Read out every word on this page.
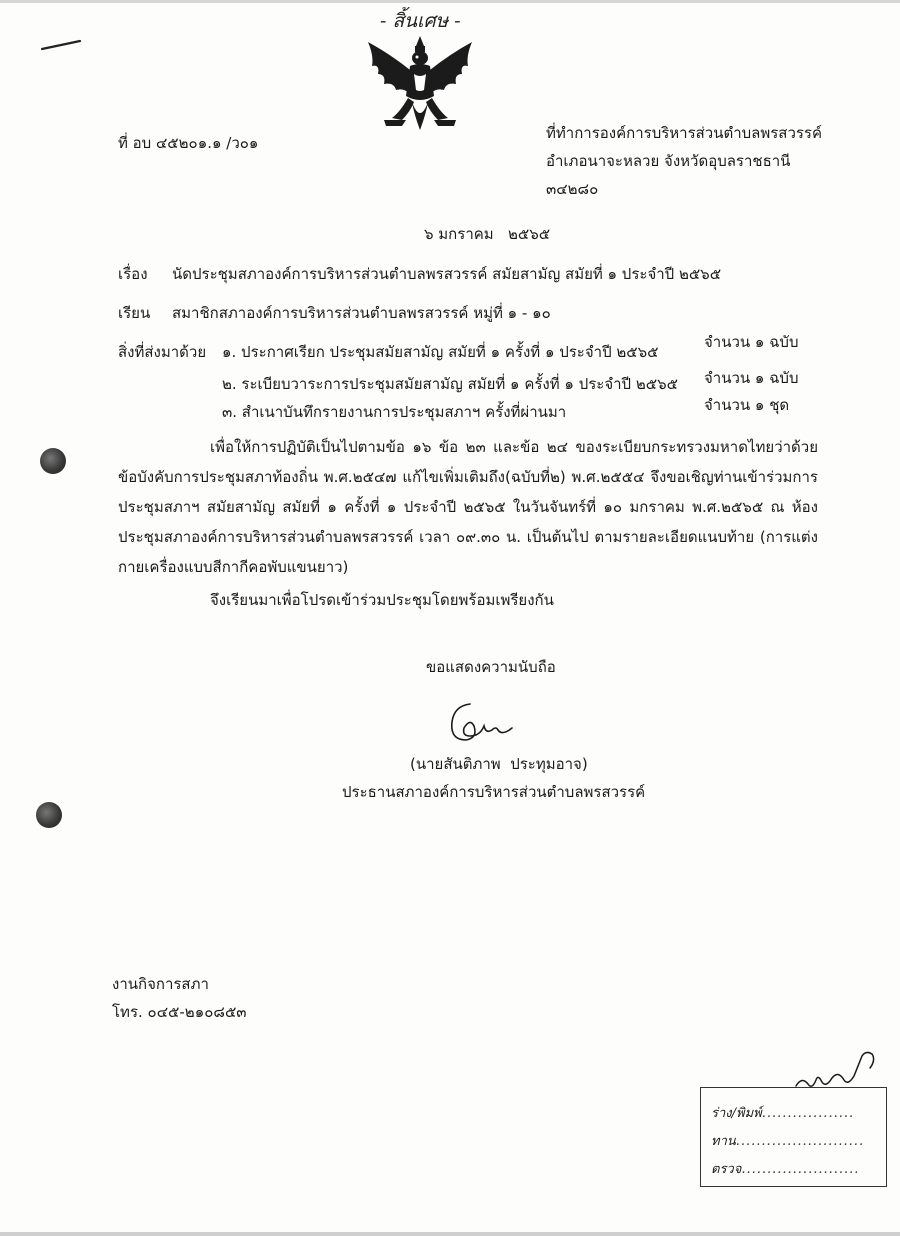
- สิ้นเศษ -
ที่ อบ ๔๕๒๐๑.๑ /ว๐๑
ที่ทำการองค์การบริหารส่วนตำบลพรสวรรค์
อำเภอนาจะหลวย จังหวัดอุบลราชธานี
๓๔๒๘๐
๖ มกราคม   ๒๕๖๕
เรื่อง นัดประชุมสภาองค์การบริหารส่วนตำบลพรสวรรค์ สมัยสามัญ สมัยที่ ๑ ประจำปี ๒๕๖๕
เรียน สมาชิกสภาองค์การบริหารส่วนตำบลพรสวรรค์ หมู่ที่ ๑ - ๑๐
สิ่งที่ส่งมาด้วย ๑. ประกาศเรียก ประชุมสมัยสามัญ สมัยที่ ๑ ครั้งที่ ๑ ประจำปี ๒๕๖๕
จำนวน ๑ ฉบับ
๒. ระเบียบวาระการประชุมสมัยสามัญ สมัยที่ ๑ ครั้งที่ ๑ ประจำปี ๒๕๖๕ จำนวน ๑ ฉบับ
๓. สำเนาบันทึกรายงานการประชุมสภาฯ ครั้งที่ผ่านมา	จำนวน ๑ ชุด
เพื่อให้การปฏิบัติเป็นไปตามข้อ ๑๖ ข้อ ๒๓ และข้อ ๒๔ ของระเบียบกระทรวงมหาดไทยว่าด้วยข้อบังคับการประชุมสภาท้องถิ่น พ.ศ.๒๕๔๗ แก้ไขเพิ่มเติมถึง(ฉบับที่๒) พ.ศ.๒๕๕๔ จึงขอเชิญท่านเข้าร่วมการประชุมสภาฯ สมัยสามัญ สมัยที่ ๑ ครั้งที่ ๑ ประจำปี ๒๕๖๕ ในวันจันทร์ที่ ๑๐ มกราคม พ.ศ.๒๕๖๕ ณ ห้องประชุมสภาองค์การบริหารส่วนตำบลพรสวรรค์ เวลา ๐๙.๓๐ น. เป็นต้นไป ตามรายละเอียดแนบท้าย (การแต่งกายเครื่องแบบสีกากีคอพับแขนยาว)
จึงเรียนมาเพื่อโปรดเข้าร่วมประชุมโดยพร้อมเพรียงกัน
ขอแสดงความนับถือ
(นายสันติภาพ  ประทุมอาจ)
ประธานสภาองค์การบริหารส่วนตำบลพรสวรรค์
งานกิจการสภา
โทร. ๐๔๕-๒๑๐๘๕๓
ร่าง/พิมพ์..................
ทาน.........................
ตรวจ.......................
